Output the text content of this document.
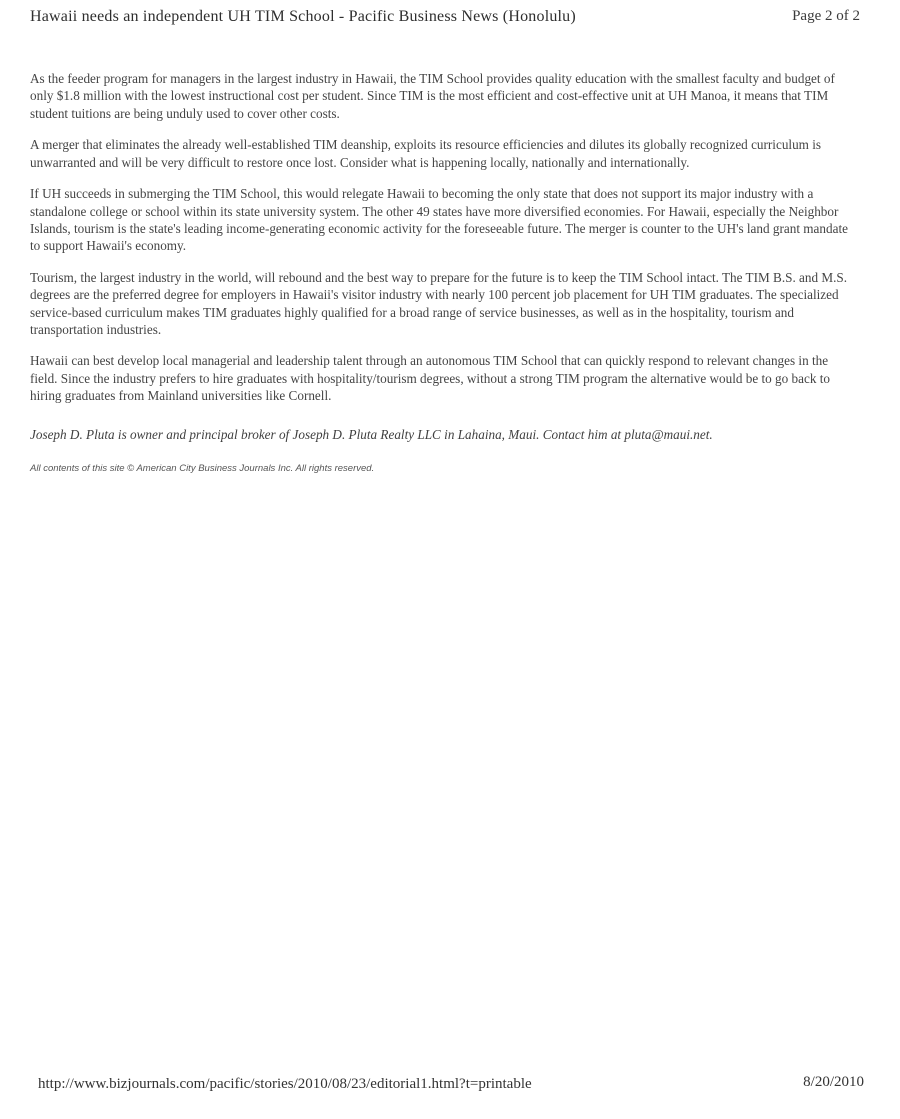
Hawaii needs an independent UH TIM School - Pacific Business News (Honolulu)	Page 2 of 2

As the feeder program for managers in the largest industry in Hawaii, the TIM School provides quality education with the smallest faculty and budget of only $1.8 million with the lowest instructional cost per student. Since TIM is the most efficient and cost-effective unit at UH Manoa, it means that TIM student tuitions are being unduly used to cover other costs.

A merger that eliminates the already well-established TIM deanship, exploits its resource efficiencies and dilutes its globally recognized curriculum is unwarranted and will be very difficult to restore once lost. Consider what is happening locally, nationally and internationally.

If UH succeeds in submerging the TIM School, this would relegate Hawaii to becoming the only state that does not support its major industry with a standalone college or school within its state university system. The other 49 states have more diversified economies. For Hawaii, especially the Neighbor Islands, tourism is the state's leading income-generating economic activity for the foreseeable future. The merger is counter to the UH's land grant mandate to support Hawaii's economy.

Tourism, the largest industry in the world, will rebound and the best way to prepare for the future is to keep the TIM School intact. The TIM B.S. and M.S. degrees are the preferred degree for employers in Hawaii's visitor industry with nearly 100 percent job placement for UH TIM graduates. The specialized service-based curriculum makes TIM graduates highly qualified for a broad range of service businesses, as well as in the hospitality, tourism and transportation industries.

Hawaii can best develop local managerial and leadership talent through an autonomous TIM School that can quickly respond to relevant changes in the field. Since the industry prefers to hire graduates with hospitality/tourism degrees, without a strong TIM program the alternative would be to go back to hiring graduates from Mainland universities like Cornell.

Joseph D. Pluta is owner and principal broker of Joseph D. Pluta Realty LLC in Lahaina, Maui. Contact him at pluta@maui.net.

All contents of this site © American City Business Journals Inc. All rights reserved.

http://www.bizjournals.com/pacific/stories/2010/08/23/editorial1.html?t=printable	8/20/2010
